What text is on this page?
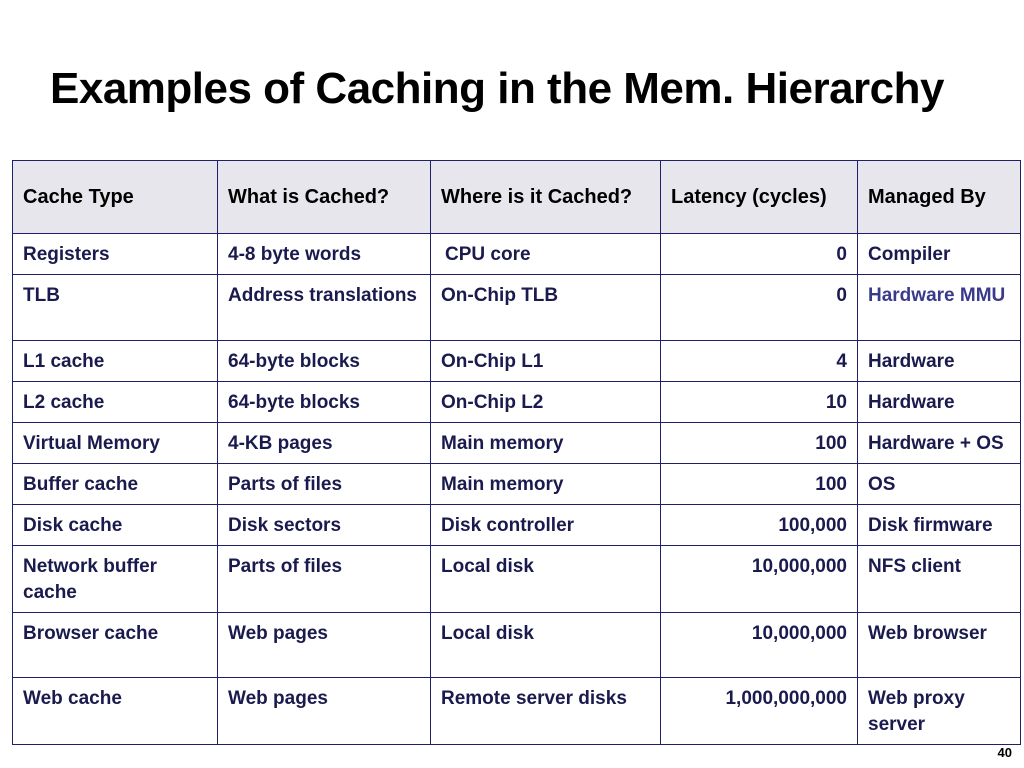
Examples of Caching in the Mem. Hierarchy
Cache Type	What is Cached?	Where is it Cached?	Latency (cycles)	Managed By
Registers	4-8 byte words	CPU core	0	Compiler
TLB	Address translations	On-Chip TLB	0	Hardware MMU
L1 cache	64-byte blocks	On-Chip L1	4	Hardware
L2 cache	64-byte blocks	On-Chip L2	10	Hardware
Virtual Memory	4-KB pages	Main memory	100	Hardware + OS
Buffer cache	Parts of files	Main memory	100	OS
Disk cache	Disk sectors	Disk controller	100,000	Disk firmware
Network buffer cache	Parts of files	Local disk	10,000,000	NFS client
Browser cache	Web pages	Local disk	10,000,000	Web browser
Web cache	Web pages	Remote server disks	1,000,000,000	Web proxy server
40
